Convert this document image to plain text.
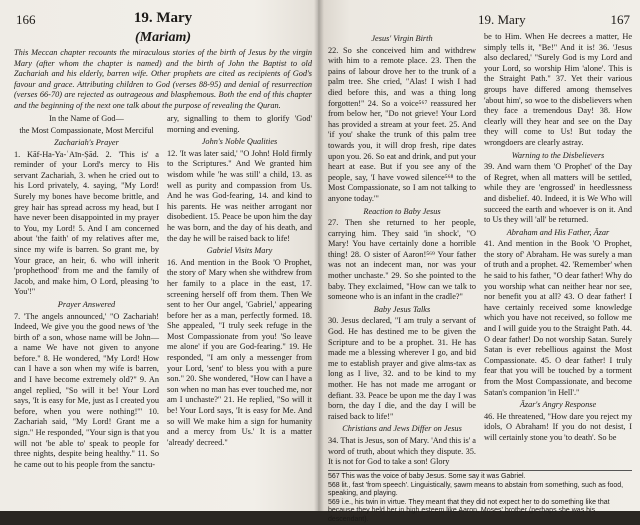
166	19. Mary
(Mariam)

This Meccan chapter recounts the miraculous stories of the birth of Jesus by the virgin Mary (after whom the chapter is named) and the birth of John the Baptist to old Zachariah and his elderly, barren wife. Other prophets are cited as recipients of God's favour and grace. Attributing children to God (verses 88-95) and denial of resurrection (verses 66-70) are rejected as outrageous and blasphemous. Both the end of this chapter and the beginning of the next one talk about the purpose of revealing the Quran.

In the Name of God—
the Most Compassionate, Most Merciful
Zachariah's Prayer

1. Kāf-Ha-Ya-ʿAīn-Ṣād. 2. 'This is' a reminder of your Lord's mercy to His servant Zachariah, 3. when he cried out to his Lord privately, 4. saying, "My Lord! Surely my bones have become brittle, and grey hair has spread across my head, but I have never been disappointed in my prayer to You, my Lord! 5. And I am concerned about 'the faith' of my relatives after me, since my wife is barren. So grant me, by Your grace, an heir, 6. who will inherit 'prophethood' from me and the family of Jacob, and make him, O Lord, pleasing 'to You'!"

Prayer Answered

7. 'The angels announced,' "O Zachariah! Indeed, We give you the good news of 'the birth of' a son, whose name will be John—a name We have not given to anyone before." 8. He wondered, "My Lord! How can I have a son when my wife is barren, and I have become extremely old?" 9. An angel replied, "So will it be! Your Lord says, 'It is easy for Me, just as I created you before, when you were nothing!'" 10. Zachariah said, "My Lord! Grant me a sign." He responded, "Your sign is that you will not 'be able to' speak to people for three nights, despite being healthy." 11. So he came out to his people from the sanctu-

ary, signalling to them to glorify 'God' morning and evening.

John's Noble Qualities

12. 'It was later said,' "O John! Hold firmly to the Scriptures." And We granted him wisdom while 'he was still' a child, 13. as well as purity and compassion from Us. And he was God-fearing, 14. and kind to his parents. He was neither arrogant nor disobedient. 15. Peace be upon him the day he was born, and the day of his death, and the day he will be raised back to life!

Gabriel Visits Mary

16. And mention in the Book 'O Prophet, the story of' Mary when she withdrew from her family to a place in the east, 17. screening herself off from them. Then We sent to her Our angel, 'Gabriel,' appearing before her as a man, perfectly formed. 18. She appealed, "I truly seek refuge in the Most Compassionate from you! 'So leave me alone' if you are God-fearing." 19. He responded, "I am only a messenger from your Lord, 'sent' to bless you with a pure son." 20. She wondered, "How can I have a son when no man has ever touched me, nor am I unchaste?" 21. He replied, "So will it be! Your Lord says, 'It is easy for Me. And so will We make him a sign for humanity and a mercy from Us.' It is a matter 'already' decreed."

19. Mary	167
Jesus' Virgin Birth

22. So she conceived him and withdrew with him to a remote place. 23. Then the pains of labour drove her to the trunk of a palm tree. She cried, "Alas! I wish I had died before this, and was a thing long forgotten!" 24. So a voice⁵⁶⁷ reassured her from below her, "Do not grieve! Your Lord has provided a stream at your feet. 25. And 'if you' shake the trunk of this palm tree towards you, it will drop fresh, ripe dates upon you. 26. So eat and drink, and put your heart at ease. But if you see any of the people, say, 'I have vowed silence⁵⁶⁸ to the Most Compassionate, so I am not talking to anyone today.'"

Reaction to Baby Jesus

27. Then she returned to her people, carrying him. They said 'in shock', "O Mary! You have certainly done a horrible thing! 28. O sister of Aaron!⁵⁶⁹ Your father was not an indecent man, nor was your mother unchaste." 29. So she pointed to the baby. They exclaimed, "How can we talk to someone who is an infant in the cradle?"

Baby Jesus Talks

30. Jesus declared, "I am truly a servant of God. He has destined me to be given the Scripture and to be a prophet. 31. He has made me a blessing wherever I go, and bid me to establish prayer and give alms-tax as long as I live, 32. and to be kind to my mother. He has not made me arrogant or defiant. 33. Peace be upon me the day I was born, the day I die, and the day I will be raised back to life!"

Christians and Jews Differ on Jesus

34. That is Jesus, son of Mary. 'And this is' a word of truth, about which they dispute. 35. It is not for God to take a son! Glory

be to Him. When He decrees a matter, He simply tells it, "Be!" And it is! 36. 'Jesus also declared,' "Surely God is my Lord and your Lord, so worship Him 'alone'. This is the Straight Path." 37. Yet their various groups have differed among themselves 'about him', so woe to the disbelievers when they face a tremendous Day! 38. How clearly will they hear and see on the Day they will come to Us! But today the wrongdoers are clearly astray.

Warning to the Disbelievers

39. And warn them 'O Prophet' of the Day of Regret, when all matters will be settled, while they are 'engrossed' in heedlessness and disbelief. 40. Indeed, it is We Who will succeed the earth and whoever is on it. And to Us they will 'all' be returned.

Abraham and His Father, Āzar

41. And mention in the Book 'O Prophet, the story of' Abraham. He was surely a man of truth and a prophet. 42. 'Remember' when he said to his father, "O dear father! Why do you worship what can neither hear nor see, nor benefit you at all? 43. O dear father! I have certainly received some knowledge which you have not received, so follow me and I will guide you to the Straight Path. 44. O dear father! Do not worship Satan. Surely Satan is ever rebellious against the Most Compassionate. 45. O dear father! I truly fear that you will be touched by a torment from the Most Compassionate, and become Satan's companion 'in Hell'."

Āzar's Angry Response

46. He threatened, "How dare you reject my idols, O Abraham! If you do not desist, I will certainly stone you 'to death'. So be

567 This was the voice of baby Jesus. Some say it was Gabriel.

568 lit., fast 'from speech'. Linguistically, ṣawm means to abstain from something, such as food, speaking, and playing.

569 i.e., his twin in virtue. They meant that they did not expect her to do something like that because they held her in high esteem like Aaron, Moses' brother (perhaps she was his descendant).
